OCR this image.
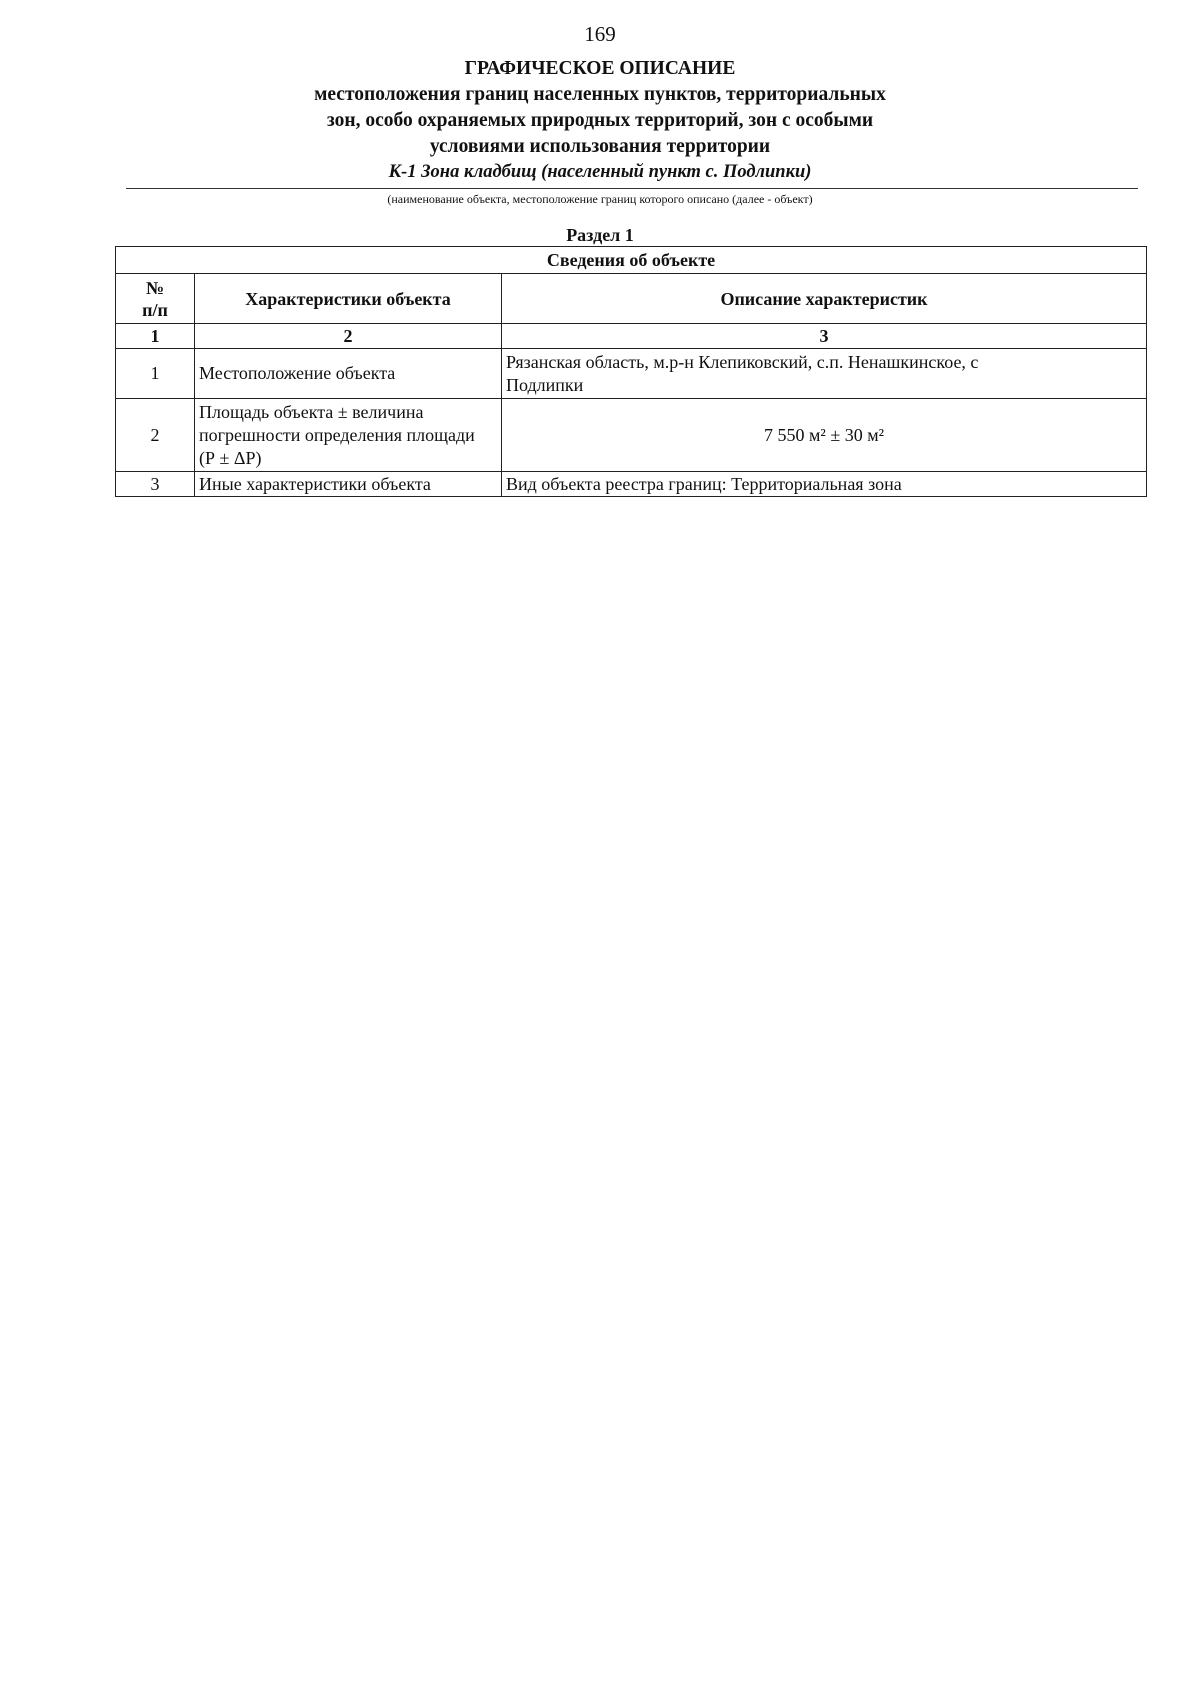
169
ГРАФИЧЕСКОЕ ОПИСАНИЕ
местоположения границ населенных пунктов, территориальных
зон, особо охраняемых природных территорий, зон с особыми
условиями использования территории
К-1 Зона кладбищ (населенный пункт с. Подлипки)
(наименование объекта, местоположение границ которого описано (далее - объект)
Раздел 1
Сведения об объекте		

№
п/п	Характеристики объекта	Описание характеристик
1	2	3
1	Местоположение объекта	Рязанская область, м.р-н Клепиковский, с.п. Ненашкинское, с
Подлипки

2	Площадь объекта ± величина
погрешности определения площади
(Р ± ΔР)	7 550 м² ± 30 м²
3	Иные характеристики объекта	Вид объекта реестра границ: Территориальная зона
